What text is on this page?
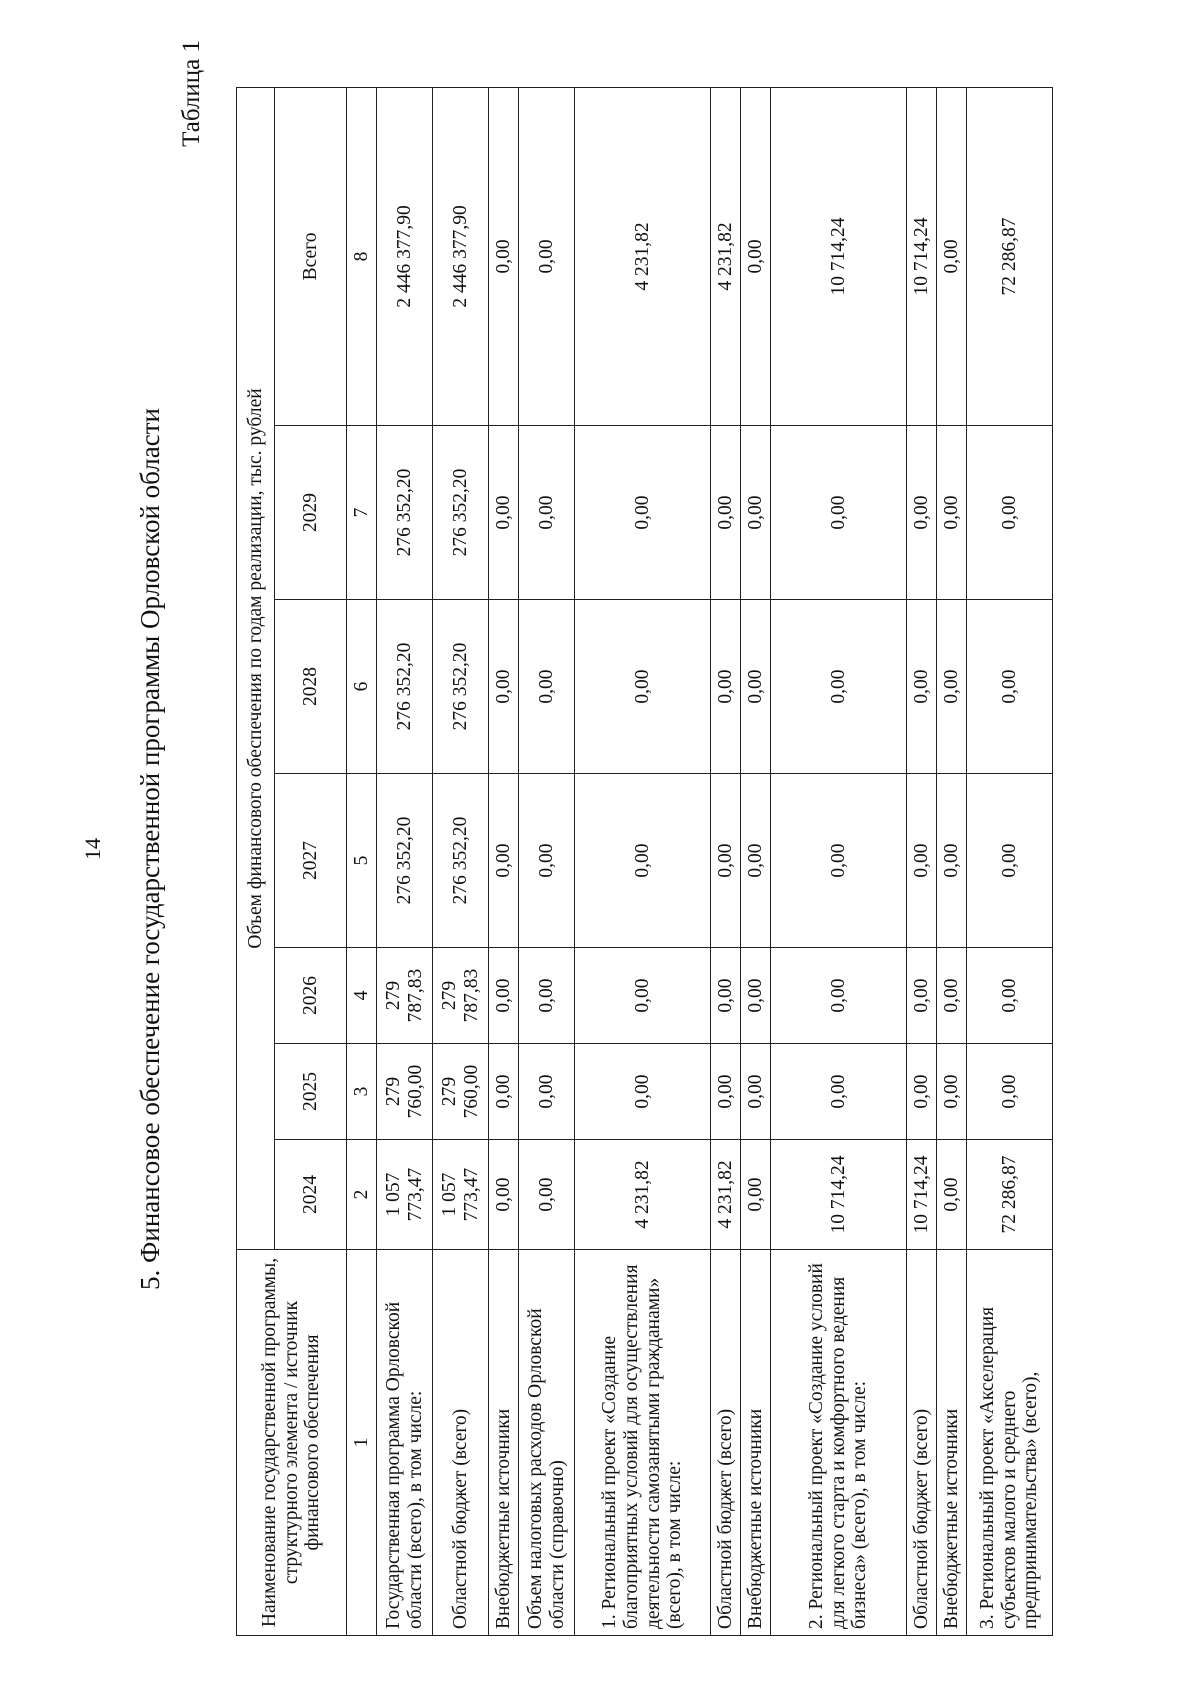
14 5. Финансовое обеспечение государственной программы Орловской области
Таблица 1
Наименование государственной программы, структурного элемента / источник финансового обеспечения	Объем финансового обеспечения по годам реализации, тыс. рублей						
	2024	2025	2026	2027	2028	2029	Всего
1	2	3	4	5	6	7	8
Государственная программа Орловской области (всего), в том числе:	1 057 773,47	279 760,00	279 787,83	276 352,20	276 352,20	276 352,20	2 446 377,90
Областной бюджет (всего)	1 057 773,47	279 760,00	279 787,83	276 352,20	276 352,20	276 352,20	2 446 377,90
Внебюджетные источники	0,00	0,00	0,00	0,00	0,00	0,00	0,00
Объем налоговых расходов Орловской области (справочно)	0,00	0,00	0,00	0,00	0,00	0,00	0,00
1. Региональный проект «Создание благоприятных условий для осуществления деятельности самозанятыми гражданами» (всего), в том числе:	4 231,82	0,00	0,00	0,00	0,00	0,00	4 231,82
Областной бюджет (всего)	4 231,82	0,00	0,00	0,00	0,00	0,00	4 231,82
Внебюджетные источники	0,00	0,00	0,00	0,00	0,00	0,00	0,00
2. Региональный проект «Создание условий для легкого старта и комфортного ведения бизнеса» (всего), в том числе:	10 714,24	0,00	0,00	0,00	0,00	0,00	10 714,24
Областной бюджет (всего)	10 714,24	0,00	0,00	0,00	0,00	0,00	10 714,24
Внебюджетные источники	0,00	0,00	0,00	0,00	0,00	0,00	0,00
3. Региональный проект «Акселерация субъектов малого и среднего предпринимательства» (всего),	72 286,87	0,00	0,00	0,00	0,00	0,00	72 286,87
